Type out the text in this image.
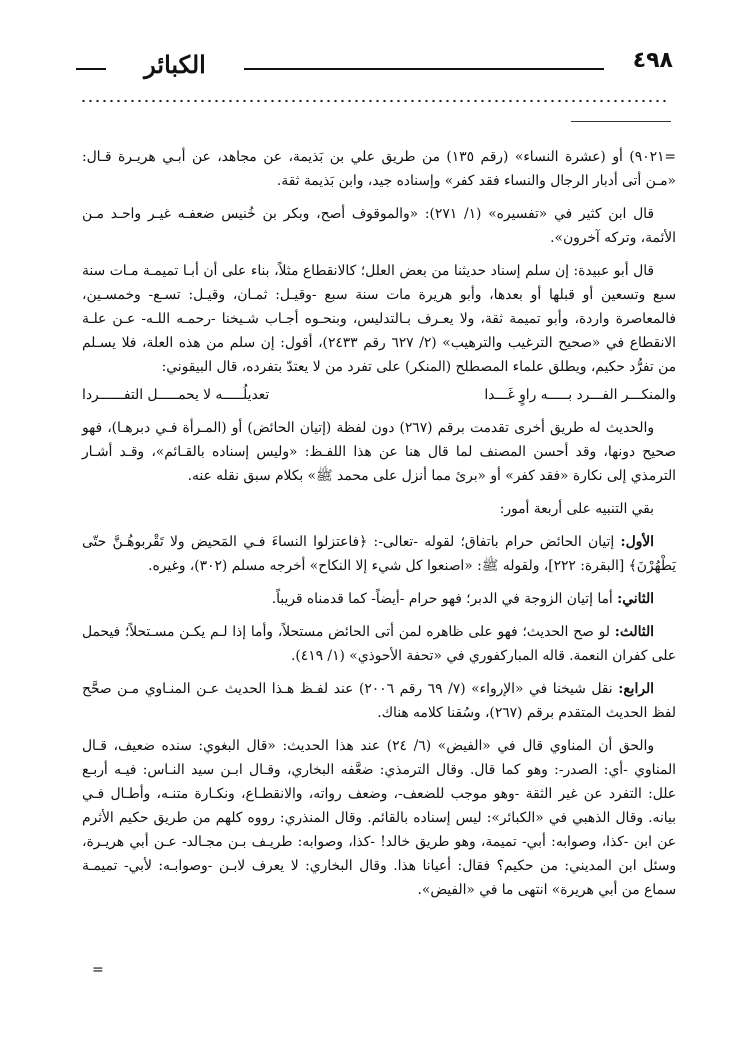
الكبائر	٤٩٨

=٩٠٢١) أو (عشرة النساء» (رقم ١٣٥) من طريق علي بن بَذيمة، عن مجاهد، عن أبـي هريـرة قـال: «مـن أتى أدبار الرجال والنساء فقد كفر» وإسناده جيد، وابن بَذيمة ثقة.

قال ابن كثير في «تفسيره» (١/ ٢٧١): «والموقوف أصح، وبكر بن خُنيس ضعفـه غيـر واحـد مـن الأئمة، وتركه آخرون».

قال أبو عبيدة: إن سلم إسناد حديثنا من بعض العلل؛ كالانقطاع مثلاً، بناء على أن أبـا تميمـة مـات سنة سبع وتسعين أو قبلها أو بعدها، وأبو هريرة مات سنة سبع -وقيـل: ثمـان، وقيـل: تسـع- وخمسـين، فالمعاصرة واردة، وأبو تميمة ثقة، ولا يعـرف بـالتدليس، وبنحـوه أجـاب شـيخنا -رحمـه اللـه- عـن علـة الانقطاع في «صحيح الترغيب والترهيب» (٢/ ٦٢٧ رقم ٢٤٣٣)، أقول: إن سلم من هذه العلة، فلا يسـلم من تفرُّد حكيم، ويطلق علماء المصطلح (المنكر) على تفرد من لا يعتدّ بتفرده، قال البيقوني:

والمنكـــر الفـــرد بـــــه راوٍ غَـــدا
تعديلُـــــه لا يحمـــــل التفــــــردا

والحديث له طريق أخرى تقدمت برقم (٢٦٧) دون لفظة (إتيان الحائض) أو (المـرأة فـي دبرهـا)، فهو صحيح دونها، وقد أحسن المصنف لما قال هنا عن هذا اللفـظ: «وليس إسناده بالقـائم»، وقـد أشـار الترمذي إلى نكارة «فقد كفر» أو «برئ مما أنزل على محمد ﷺ» بكلام سبق نقله عنه.

بقي التنبيه على أربعة أمور:

الأول: إتيان الحائض حرام باتفاق؛ لقوله -تعالى-: ﴿فاعتزلوا النساءَ فـي المَحيض ولا تَقْربوهُـنَّ حتّى يَطْهُرْنَ﴾ [البقرة: ٢٢٢]، ولقوله ﷺ: «اصنعوا كل شيء إلا النكاح» أخرجه مسلم (٣٠٢)، وغيره.

الثاني: أما إتيان الزوجة في الدبر؛ فهو حرام -أيضاً- كما قدمناه قريباً.

الثالث: لو صح الحديث؛ فهو على ظاهره لمن أتى الحائض مستحلاً، وأما إذا لـم يكـن مسـتحلاً؛ فيحمل على كفران النعمة. قاله المباركفوري في «تحفة الأحوذي» (١/ ٤١٩).

الرابع: نقل شيخنا في «الإرواء» (٧/ ٦٩ رقم ٢٠٠٦) عند لفـظ هـذا الحديث عـن المنـاوي مـن صحَّح لفظ الحديث المتقدم برقم (٢٦٧)، وسُقنا كلامه هناك.

والحق أن المناوي قال في «الفيض» (٦/ ٢٤) عند هذا الحديث: «قال البغوي: سنده ضعيف، قـال المناوي -أي: الصدر-: وهو كما قال. وقال الترمذي: ضعَّفه البخاري، وقـال ابـن سيد النـاس: فيـه أربـع علل: التفرد عن غير الثقة -وهو موجب للضعف-، وضعف رواته، والانقطـاع، ونكـارة متنـه، وأطـال فـي بيانه. وقال الذهبي في «الكبائر»: ليس إسناده بالقائم. وقال المنذري: رووه كلهم من طريق حكيم الأثرم عن ابن -كذا، وصوابه: أبي- تميمة، وهو طريق خالد! -كذا، وصوابه: طريـف بـن مجـالد- عـن أبي هريـرة، وسئل ابن المديني: من حكيم؟ فقال: أعيانا هذا. وقال البخاري: لا يعرف لابـن -وصوابـه: لأبي- تميمـة سماع من أبي هريرة» انتهى ما في «الفيض».

=
